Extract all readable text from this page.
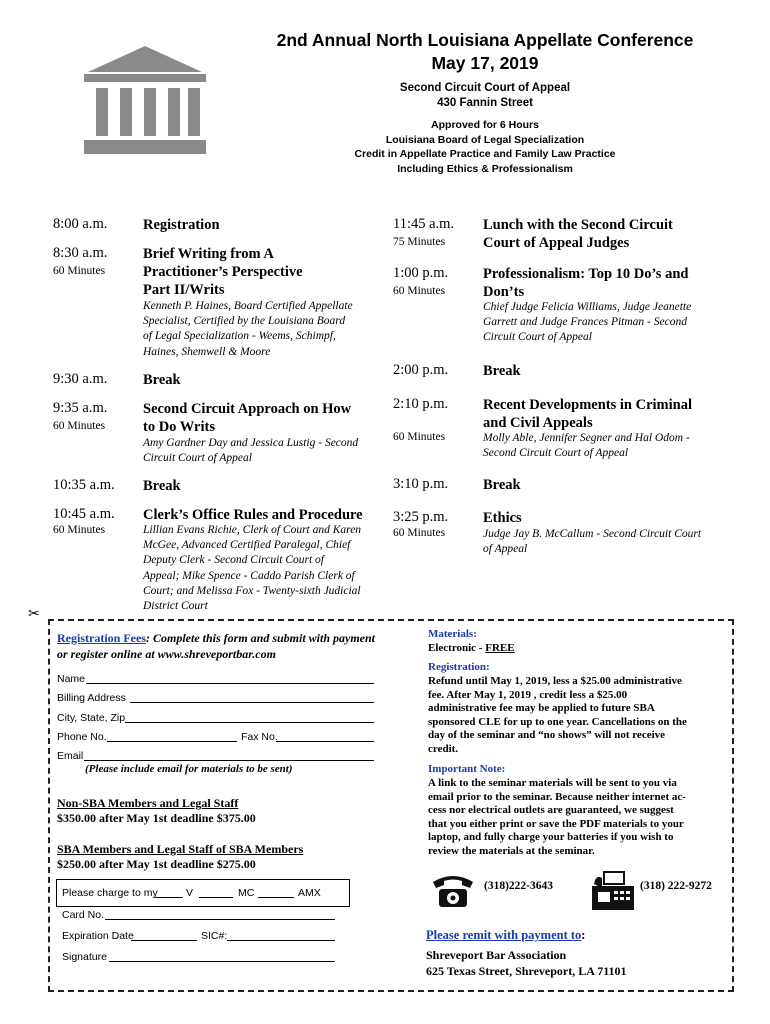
2nd Annual North Louisiana Appellate Conference
May 17, 2019
Second Circuit Court of Appeal
430 Fannin Street
Approved for 6 Hours
Louisiana Board of Legal Specialization
Credit in Appellate Practice and Family Law Practice
Including Ethics & Professionalism
8:00 a.m. Registration
8:30 a.m.
60 Minutes
Brief Writing from A
Practitioner’s Perspective
Part II/Writs
Kenneth P. Haines, Board Certified Appellate
Specialist, Certified by the Louisiana Board
of Legal Specialization - Weems, Schimpf,
Haines, Shemwell & Moore
9:30 a.m. Break
9:35 a.m.
60 Minutes
Second Circuit Approach on How
to Do Writs
Amy Gardner Day and Jessica Lustig - Second
Circuit Court of Appeal
10:35 a.m. Break
10:45 a.m.
60 Minutes
Clerk’s Office Rules and Procedure
Lillian Evans Richie, Clerk of Court and Karen
McGee, Advanced Certified Paralegal, Chief
Deputy Clerk - Second Circuit Court of
Appeal; Mike Spence - Caddo Parish Clerk of
Court; and Melissa Fox - Twenty-sixth Judicial
District Court
11:45 a.m.
75 Minutes
Lunch with the Second Circuit
Court of Appeal Judges
1:00 p.m.
60 Minutes
Professionalism: Top 10 Do’s and
Don’ts
Chief Judge Felicia Williams, Judge Jeanette
Garrett and Judge Frances Pitman - Second
Circuit Court of Appeal
2:00 p.m. Break
2:10 p.m.
60 Minutes
Recent Developments in Criminal
and Civil Appeals
Molly Able, Jennifer Segner and Hal Odom -
Second Circuit Court of Appeal
3:10 p.m. Break
3:25 p.m.
60 Minutes
Ethics
Judge Jay B. McCallum - Second Circuit Court
of Appeal
✂
Registration Fees: Complete this form and submit with payment
or register online at www.shreveportbar.com
Name
Billing Address
City, State, Zip
Phone No.	Fax No.
Email
(Please include email for materials to be sent)
Non-SBA Members and Legal Staff
$350.00 after May 1st deadline $375.00
SBA Members and Legal Staff of SBA Members
$250.00 after May 1st deadline $275.00
Please charge to my	V	MC	AMX
Card No.
Expiration Date	SIC#:
Signature
Materials:
Electronic - FREE
Registration:
Refund until May 1, 2019, less a $25.00 administrative
fee. After May 1, 2019 , credit less a $25.00
administrative fee may be applied to future SBA
sponsored CLE for up to one year. Cancellations on the
day of the seminar and “no shows” will not receive
credit.
Important Note:
A link to the seminar materials will be sent to you via
email prior to the seminar. Because neither internet ac-
cess nor electrical outlets are guaranteed, we suggest
that you either print or save the PDF materials to your
laptop, and fully charge your batteries if you wish to
review the materials at the seminar.
(318)222-3643	(318) 222-9272
Please remit with payment to:
Shreveport Bar Association
625 Texas Street, Shreveport, LA 71101
